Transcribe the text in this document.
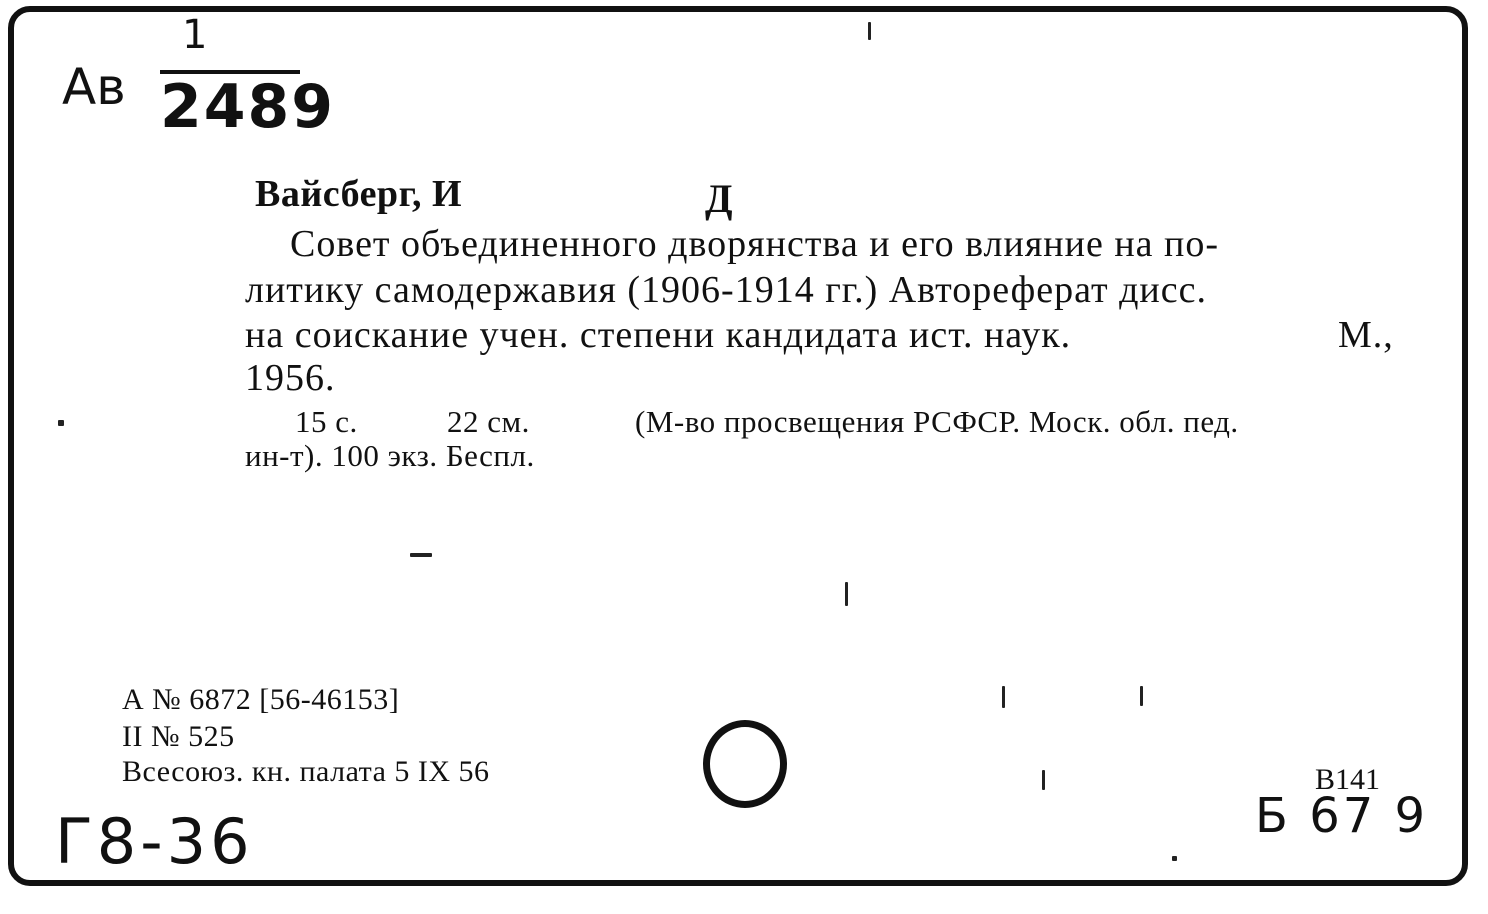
Ав
1
2489
Вайсберг, И	Д
Совет объединенного дворянства и его влияние на по-
литику самодержавия (1906-1914 гг.) Автореферат дисс.
на соискание учен. степени кандидата ист. наук.	М.,
1956.
15 с.	22 см.	(М-во просвещения РСФСР. Моск. обл. пед.
ин-т). 100 экз. Беспл.
А № 6872 [56-46153]
II № 525
Всесоюз. кн. палата 5 IX 56	В141
Б 67 9
Г8-36
